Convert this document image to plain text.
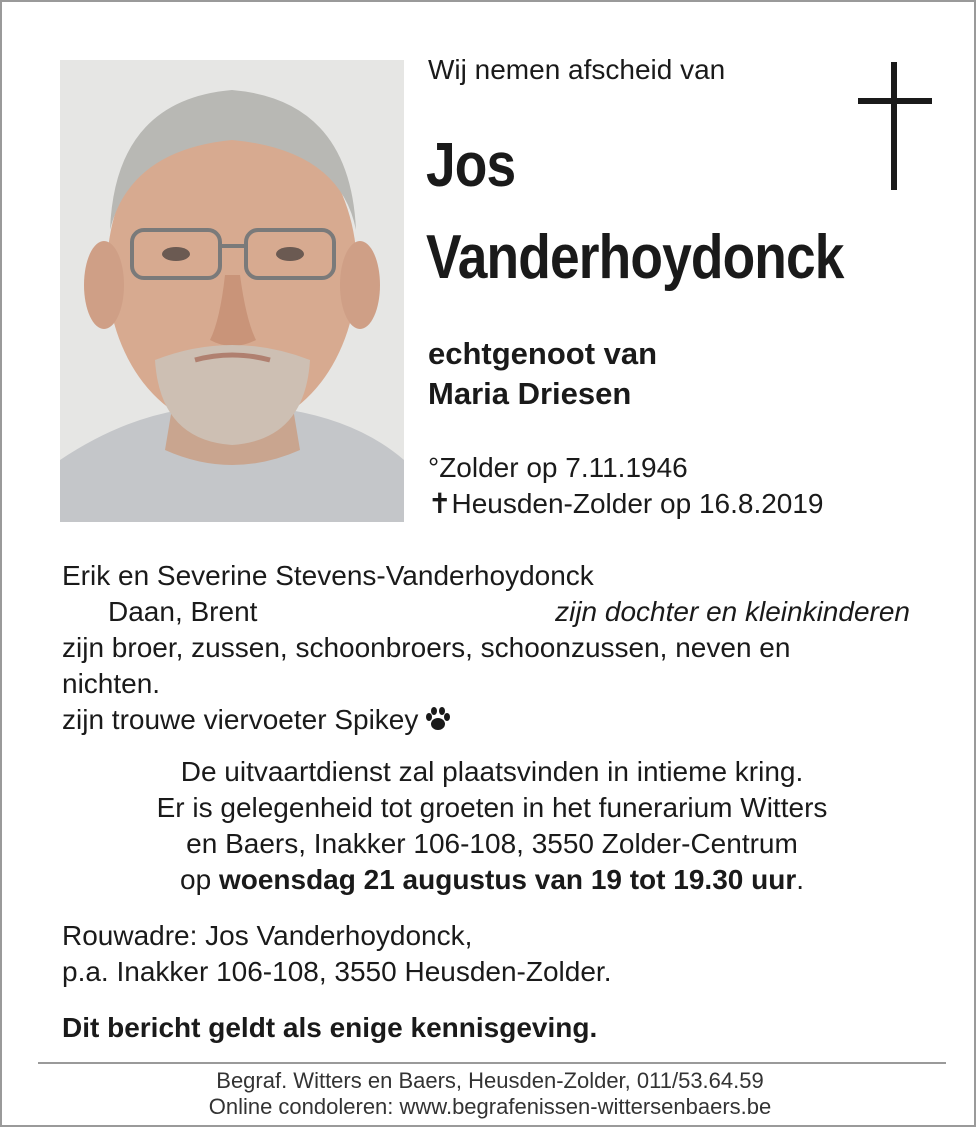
Wij nemen afscheid van
Jos
Vanderhoydonck
echtgenoot van
Maria Driesen
°Zolder op 7.11.1946
✝Heusden-Zolder op 16.8.2019
Erik en Severine Stevens-Vanderhoydonck
Daan, Brent	zijn dochter en kleinkinderen
zijn broer, zussen, schoonbroers, schoonzussen, neven en
nichten.
zijn trouwe viervoeter Spikey
De uitvaartdienst zal plaatsvinden in intieme kring.
Er is gelegenheid tot groeten in het funerarium Witters
en Baers, Inakker 106-108, 3550 Zolder-Centrum
op woensdag 21 augustus van 19 tot 19.30 uur.
Rouwadre: Jos Vanderhoydonck,
p.a. Inakker 106-108, 3550 Heusden-Zolder.
Dit bericht geldt als enige kennisgeving.
Begraf. Witters en Baers, Heusden-Zolder, 011/53.64.59
Online condoleren: www.begrafenissen-wittersenbaers.be
